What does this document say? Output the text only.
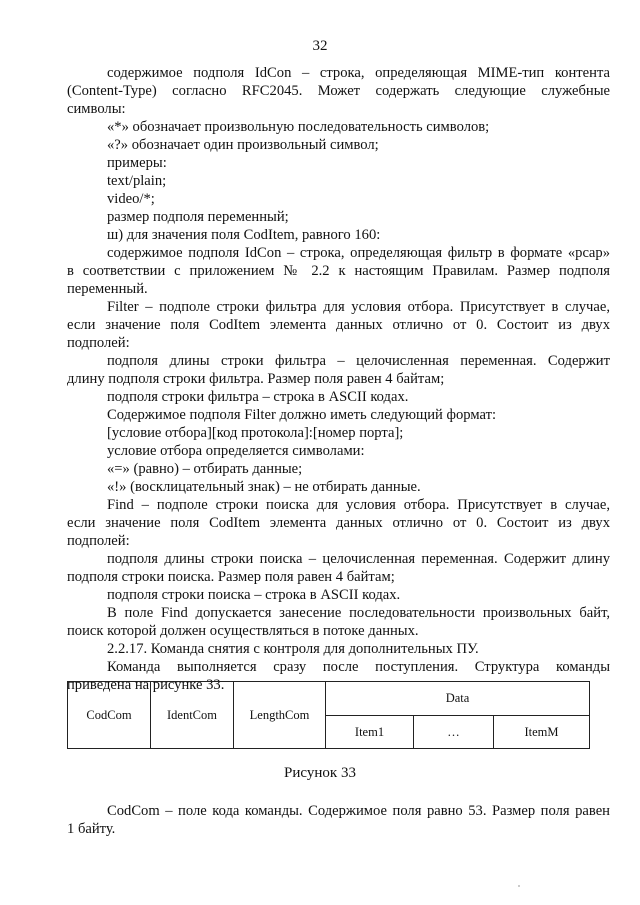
32
содержимое подполя IdCon – строка, определяющая MIME-тип контента
(Content-Type) согласно RFC2045. Может содержать следующие служебные
символы:
«*» обозначает произвольную последовательность символов;
«?» обозначает один произвольный символ;
примеры:
text/plain;
video/*;
размер подполя переменный;
ш) для значения поля CodItem, равного 160:
содержимое подполя IdCon – строка, определяющая фильтр в формате «pcap»
в соответствии с приложением № 2.2 к настоящим Правилам. Размер подполя
переменный.
Filter – подполе строки фильтра для условия отбора. Присутствует в случае,
если значение поля CodItem элемента данных отлично от 0. Состоит из двух
подполей:
подполя длины строки фильтра – целочисленная переменная. Содержит
длину подполя строки фильтра. Размер поля равен 4 байтам;
подполя строки фильтра – строка в ASCII кодах.
Содержимое подполя Filter должно иметь следующий формат:
[условие отбора][код протокола]:[номер порта];
условие отбора определяется символами:
«=» (равно) – отбирать данные;
«!» (восклицательный знак) – не отбирать данные.
Find – подполе строки поиска для условия отбора. Присутствует в случае,
если значение поля CodItem элемента данных отлично от 0. Состоит из двух
подполей:
подполя длины строки поиска – целочисленная переменная. Содержит длину
подполя строки поиска. Размер поля равен 4 байтам;
подполя строки поиска – строка в ASCII кодах.
В поле Find допускается занесение последовательности произвольных байт,
поиск которой должен осуществляться в потоке данных.
2.2.17. Команда снятия с контроля для дополнительных ПУ.
Команда выполняется сразу после поступления. Структура команды
приведена на рисунке 33.
CodCom	IdentCom	LengthCom	Data		
			Item1	…	ItemM
Рисунок 33
CodCom – поле кода команды. Содержимое поля равно 53. Размер поля равен
1 байту.
